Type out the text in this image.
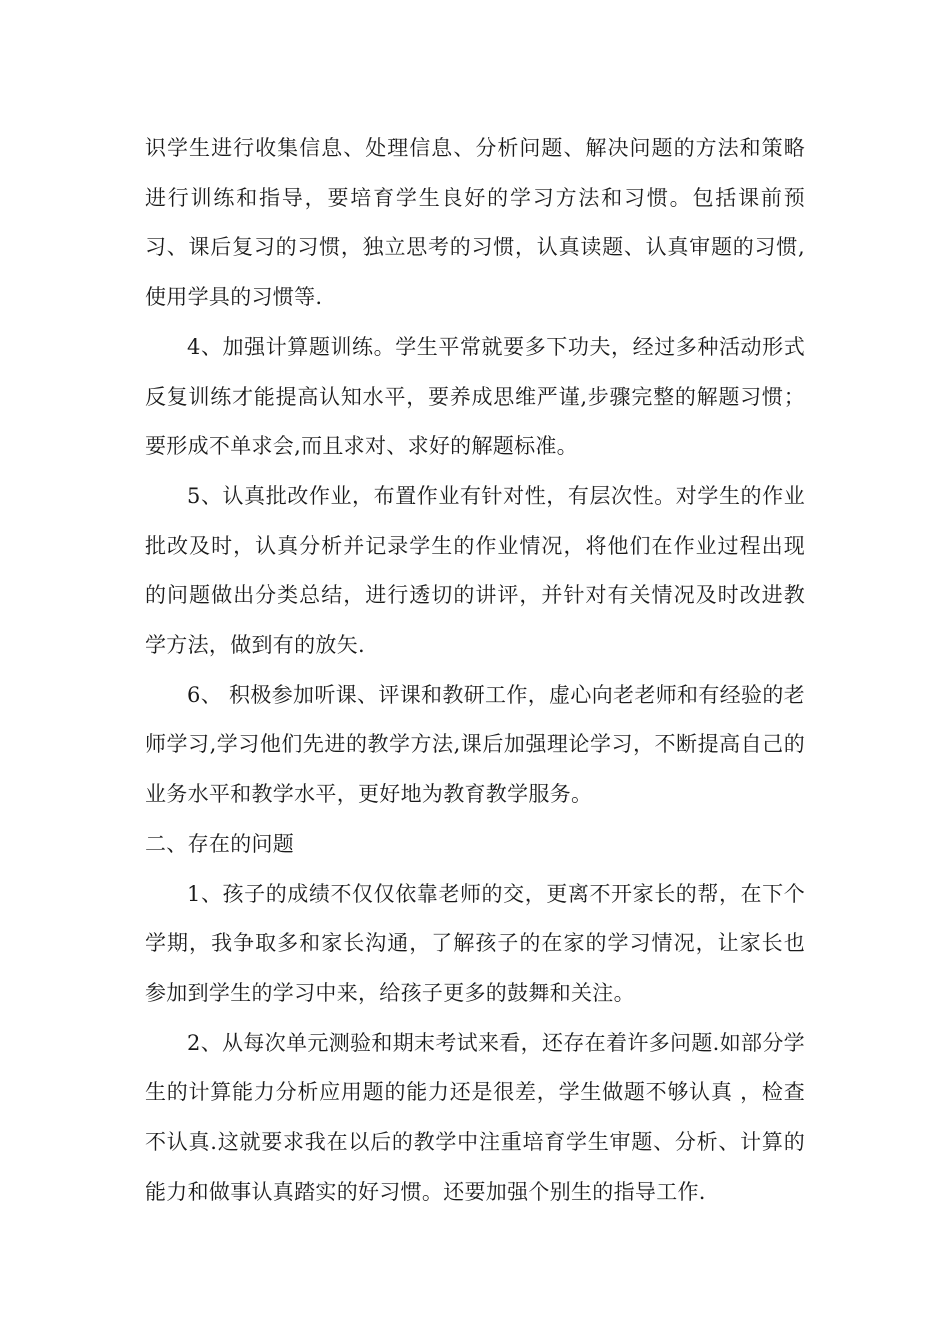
识学生进行收集信息、处理信息、分析问题、解决问题的方法和策略进行训练和指导，要培育学生良好的学习方法和习惯。包括课前预习、课后复习的习惯，独立思考的习惯，认真读题、认真审题的习惯,使用学具的习惯等.

4、加强计算题训练。学生平常就要多下功夫，经过多种活动形式反复训练才能提高认知水平，要养成思维严谨,步骤完整的解题习惯；要形成不单求会,而且求对、求好的解题标准。

5、认真批改作业，布置作业有针对性，有层次性。对学生的作业批改及时，认真分析并记录学生的作业情况，将他们在作业过程出现的问题做出分类总结，进行透切的讲评，并针对有关情况及时改进教学方法，做到有的放矢.

6、 积极参加听课、评课和教研工作，虚心向老老师和有经验的老师学习,学习他们先进的教学方法,课后加强理论学习，不断提高自己的业务水平和教学水平，更好地为教育教学服务。

二、存在的问题

1、孩子的成绩不仅仅依靠老师的交，更离不开家长的帮，在下个学期，我争取多和家长沟通，了解孩子的在家的学习情况，让家长也参加到学生的学习中来，给孩子更多的鼓舞和关注。

2、从每次单元测验和期末考试来看，还存在着许多问题.如部分学生的计算能力分析应用题的能力还是很差，学生做题不够认真 ，检查不认真.这就要求我在以后的教学中注重培育学生审题、分析、计算的能力和做事认真踏实的好习惯。还要加强个别生的指导工作.
